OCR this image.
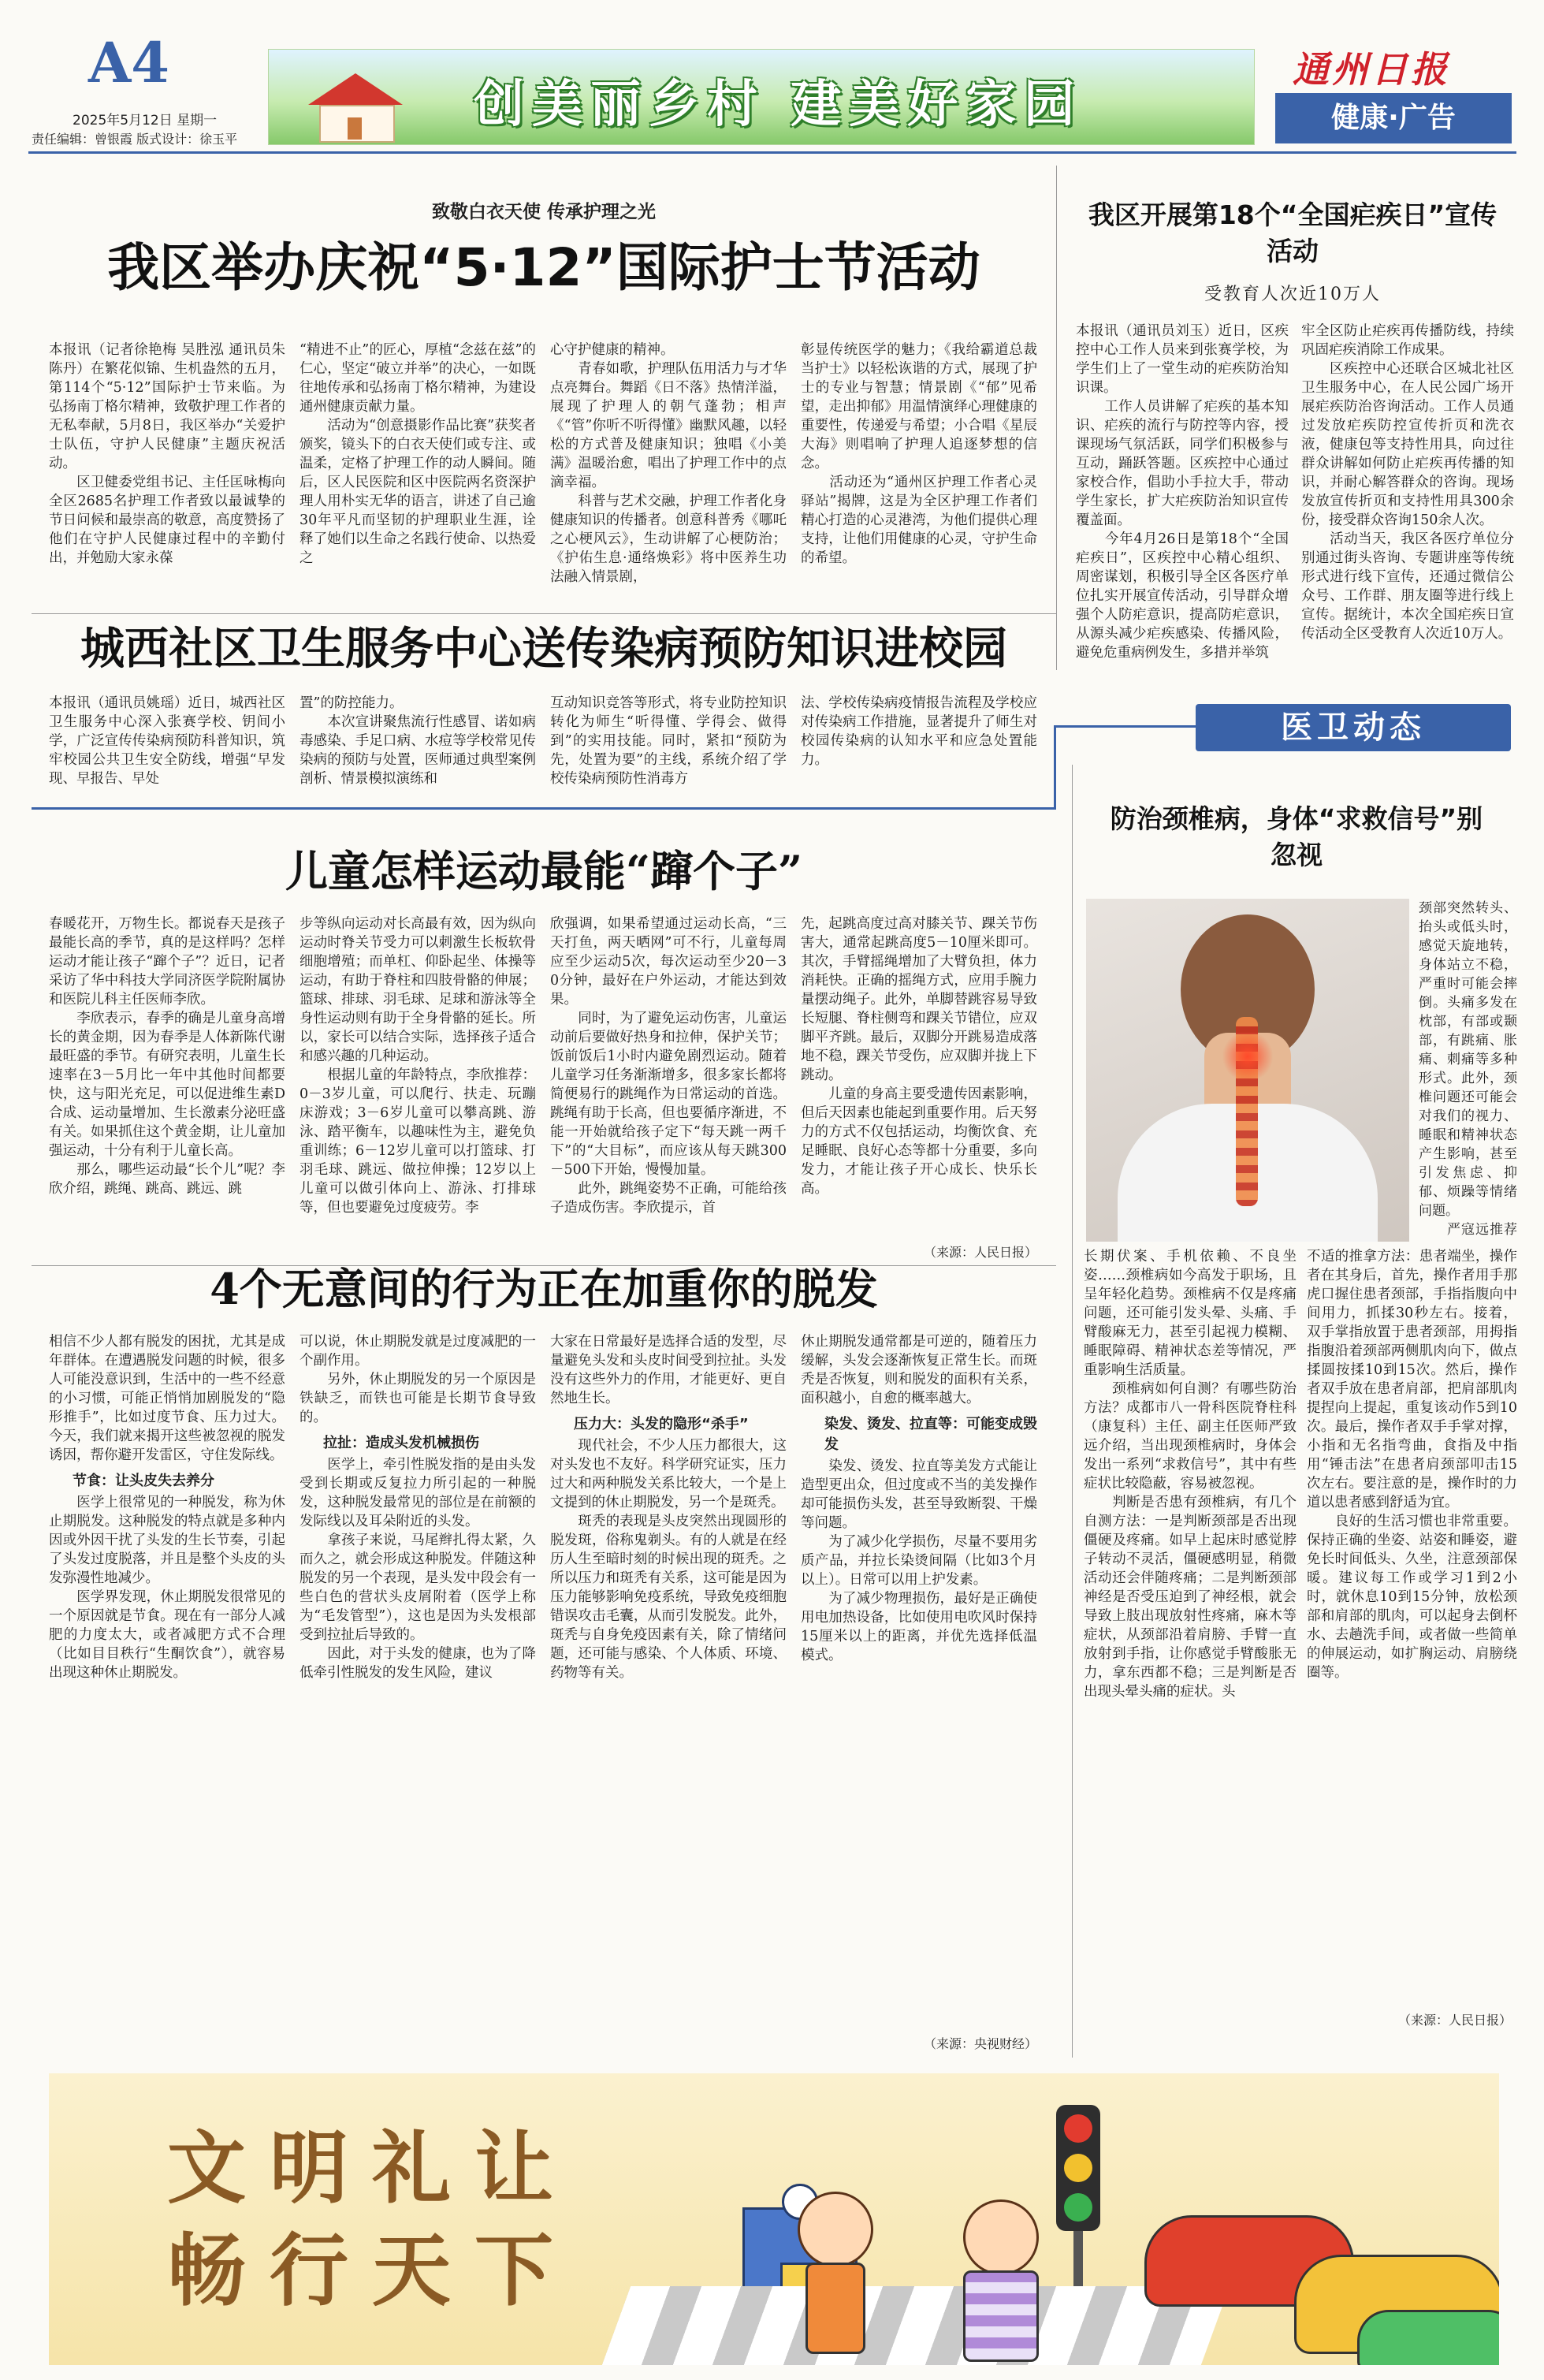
A4
2025年5月12日 星期一
责任编辑：曾银霞 版式设计：徐玉平
创美丽乡村 建美好家园
通州日报
健康·广告
致敬白衣天使 传承护理之光
我区举办庆祝“5·12”国际护士节活动
本报讯（记者徐艳梅 吴胜泓 通讯员朱陈丹）在繁花似锦、生机盎然的五月，第114个“5·12”国际护士节来临。为弘扬南丁格尔精神，致敬护理工作者的无私奉献，5月8日，我区举办“关爱护士队伍，守护人民健康”主题庆祝活动。
　　区卫健委党组书记、主任匡咏梅向全区2685名护理工作者致以最诚挚的节日问候和最崇高的敬意，高度赞扬了他们在守护人民健康过程中的辛勤付出，并勉励大家永葆
“精进不止”的匠心，厚植“念兹在兹”的仁心，坚定“破立并举”的决心，一如既往地传承和弘扬南丁格尔精神，为建设通州健康贡献力量。
　　活动为“创意摄影作品比赛”获奖者颁奖，镜头下的白衣天使们或专注、或温柔，定格了护理工作的动人瞬间。随后，区人民医院和区中医院两名资深护理人用朴实无华的语言，讲述了自己逾30年平凡而坚韧的护理职业生涯，诠释了她们以生命之名践行使命、以热爱之
心守护健康的精神。
　　青春如歌，护理队伍用活力与才华点亮舞台。舞蹈《日不落》热情洋溢，展现了护理人的朝气蓬勃；相声《“管”你听不听得懂》幽默风趣，以轻松的方式普及健康知识；独唱《小美满》温暖治愈，唱出了护理工作中的点滴幸福。
　　科普与艺术交融，护理工作者化身健康知识的传播者。创意科普秀《哪吒之心梗风云》，生动讲解了心梗防治；《护佑生息·通络焕彩》将中医养生功法融入情景剧，
彰显传统医学的魅力；《我给霸道总裁当护士》以轻松诙谐的方式，展现了护士的专业与智慧；情景剧《“郁”见希望，走出抑郁》用温情演绎心理健康的重要性，传递爱与希望；小合唱《星辰大海》则唱响了护理人追逐梦想的信念。
　　活动还为“通州区护理工作者心灵驿站”揭牌，这是为全区护理工作者们精心打造的心灵港湾，为他们提供心理支持，让他们用健康的心灵，守护生命的希望。
我区开展第18个“全国疟疾日”宣传活动
受教育人次近10万人
本报讯（通讯员刘玉）近日，区疾控中心工作人员来到张赛学校，为学生们上了一堂生动的疟疾防治知识课。
　　工作人员讲解了疟疾的基本知识、疟疾的流行与防控等内容，授课现场气氛活跃，同学们积极参与互动，踊跃答题。区疾控中心通过家校合作，倡助小手拉大手，带动学生家长，扩大疟疾防治知识宣传覆盖面。
　　今年4月26日是第18个“全国疟疾日”，区疾控中心精心组织、周密谋划，积极引导全区各医疗单位扎实开展宣传活动，引导群众增强个人防疟意识，提高防疟意识，从源头减少疟疾感染、传播风险，避免危重病例发生，多措并举筑
牢全区防止疟疾再传播防线，持续巩固疟疾消除工作成果。
　　区疾控中心还联合区城北社区卫生服务中心，在人民公园广场开展疟疾防治咨询活动。工作人员通过发放疟疾防控宣传折页和洗衣液，健康包等支持性用具，向过往群众讲解如何防止疟疾再传播的知识，并耐心解答群众的咨询。现场发放宣传折页和支持性用具300余份，接受群众咨询150余人次。
　　活动当天，我区各医疗单位分别通过街头咨询、专题讲座等传统形式进行线下宣传，还通过微信公众号、工作群、朋友圈等进行线上宣传。据统计，本次全国疟疾日宣传活动全区受教育人次近10万人。
城西社区卫生服务中心送传染病预防知识进校园
本报讯（通讯员姚瑶）近日，城西社区卫生服务中心深入张赛学校、钥间小学，广泛宣传传染病预防科普知识，筑牢校园公共卫生安全防线，增强“早发现、早报告、早处
置”的防控能力。
　　本次宣讲聚焦流行性感冒、诺如病毒感染、手足口病、水痘等学校常见传染病的预防与处置，医师通过典型案例剖析、情景模拟演练和
互动知识竞答等形式，将专业防控知识转化为师生“听得懂、学得会、做得到”的实用技能。同时，紧扣“预防为先，处置为要”的主线，系统介绍了学校传染病预防性消毒方
法、学校传染病疫情报告流程及学校应对传染病工作措施，显著提升了师生对校园传染病的认知水平和应急处置能力。
医卫动态
儿童怎样运动最能“蹿个子”
春暖花开，万物生长。都说春天是孩子最能长高的季节，真的是这样吗？怎样运动才能让孩子“蹿个子”？近日，记者采访了华中科技大学同济医学院附属协和医院儿科主任医师李欣。
　　李欣表示，春季的确是儿童身高增长的黄金期，因为春季是人体新陈代谢最旺盛的季节。有研究表明，儿童生长速率在3－5月比一年中其他时间都要快，这与阳光充足，可以促进维生素D合成、运动量增加、生长激素分泌旺盛有关。如果抓住这个黄金期，让儿童加强运动，十分有利于儿童长高。
　　那么，哪些运动最“长个儿”呢？李欣介绍，跳绳、跳高、跳远、跳
步等纵向运动对长高最有效，因为纵向运动时脊关节受力可以刺激生长板软骨细胞增殖；而单杠、仰卧起坐、体操等运动，有助于脊柱和四肢骨骼的伸展；篮球、排球、羽毛球、足球和游泳等全身性运动则有助于全身骨骼的延长。所以，家长可以结合实际，选择孩子适合和感兴趣的几种运动。
　　根据儿童的年龄特点，李欣推荐：0－3岁儿童，可以爬行、扶走、玩蹦床游戏；3－6岁儿童可以攀高跳、游泳、踏平衡车，以趣味性为主，避免负重训练；6－12岁儿童可以打篮球、打羽毛球、跳远、做拉伸操；12岁以上儿童可以做引体向上、游泳、打排球等，但也要避免过度疲劳。李
欣强调，如果希望通过运动长高，“三天打鱼，两天晒网”可不行，儿童每周应至少运动5次，每次运动至少20－30分钟，最好在户外运动，才能达到效果。
　　同时，为了避免运动伤害，儿童运动前后要做好热身和拉伸，保护关节；饭前饭后1小时内避免剧烈运动。随着儿童学习任务渐渐增多，很多家长都将简便易行的跳绳作为日常运动的首选。跳绳有助于长高，但也要循序渐进，不能一开始就给孩子定下“每天跳一两千下”的“大目标”，而应该从每天跳300－500下开始，慢慢加量。
　　此外，跳绳姿势不正确，可能给孩子造成伤害。李欣提示，首
先，起跳高度过高对膝关节、踝关节伤害大，通常起跳高度5－10厘米即可。其次，手臂摇绳增加了大臂负担，体力消耗快。正确的摇绳方式，应用手腕力量摆动绳子。此外，单脚替跳容易导致长短腿、脊柱侧弯和踝关节错位，应双脚平齐跳。最后，双脚分开跳易造成落地不稳，踝关节受伤，应双脚并拢上下跳动。
　　儿童的身高主要受遗传因素影响，但后天因素也能起到重要作用。后天努力的方式不仅包括运动，均衡饮食、充足睡眠、良好心态等都十分重要，多向发力，才能让孩子开心成长、快乐长高。
（来源：人民日报）
防治颈椎病，身体“求救信号”别忽视
颈部突然转头、抬头或低头时，感觉天旋地转，身体站立不稳，严重时可能会摔倒。头痛多发在枕部，有部或颞部，有跳痛、胀痛、刺痛等多种形式。此外，颈椎问题还可能会对我们的视力、睡眠和精神状态产生影响，甚至引发焦虑、抑郁、烦躁等情绪问题。
　　严寇远推荐
长期伏案、手机依赖、不良坐姿……颈椎病如今高发于职场，且呈年轻化趋势。颈椎病不仅是疼痛问题，还可能引发头晕、头痛、手臂酸麻无力，甚至引起视力模糊、睡眠障碍、精神状态差等情况，严重影响生活质量。
　　颈椎病如何自测？有哪些防治方法？成都市八一骨科医院脊柱科（康复科）主任、副主任医师严致远介绍，当出现颈椎病时，身体会发出一系列“求救信号”，其中有些症状比较隐蔽，容易被忽视。
　　判断是否患有颈椎病，有几个自测方法：一是判断颈部是否出现僵硬及疼痛。如早上起床时感觉脖子转动不灵活，僵硬感明显，稍微活动还会伴随疼痛；二是判断颈部神经是否受压迫到了神经根，就会导致上肢出现放射性疼痛，麻木等症状，从颈部沿着肩膀、手臂一直放射到手指，让你感觉手臂酸胀无力，拿东西都不稳；三是判断是否出现头晕头痛的症状。头
不适的推拿方法：患者端坐，操作者在其身后，首先，操作者用手那虎口握住患者颈部，手指指腹向中间用力，抓揉30秒左右。接着，双手掌指放置于患者颈部，用拇指指腹沿着颈部两侧肌肉向下，做点揉圆按揉10到15次。然后，操作者双手放在患者肩部，把肩部肌肉提捏向上提起，重复该动作5到10次。最后，操作者双手手掌对撑，小指和无名指弯曲，食指及中指用“锤击法”在患者肩颈部叩击15次左右。要注意的是，操作时的力道以患者感到舒适为宜。
　　良好的生活习惯也非常重要。保持正确的坐姿、站姿和睡姿，避免长时间低头、久坐，注意颈部保暖。建议每工作或学习1到2小时，就休息10到15分钟，放松颈部和肩部的肌肉，可以起身去倒杯水、去趟洗手间，或者做一些简单的伸展运动，如扩胸运动、肩膀绕圈等。
（来源：人民日报）
4个无意间的行为正在加重你的脱发
相信不少人都有脱发的困扰，尤其是成年群体。在遭遇脱发问题的时候，很多人可能没意识到，生活中的一些不经意的小习惯，可能正悄悄加剧脱发的“隐形推手”，比如过度节食、压力过大。今天，我们就来揭开这些被忽视的脱发诱因，帮你避开发雷区，守住发际线。
节食：让头皮失去养分
　　医学上很常见的一种脱发，称为休止期脱发。这种脱发的特点就是多种内因或外因干扰了头发的生长节奏，引起了头发过度脱落，并且是整个头皮的头发弥漫性地减少。
　　医学界发现，休止期脱发很常见的一个原因就是节食。现在有一部分人减肥的力度太大，或者减肥方式不合理（比如目目秩行“生酮饮食”），就容易出现这种休止期脱发。
可以说，休止期脱发就是过度减肥的一个副作用。
　　另外，休止期脱发的另一个原因是铁缺乏，而铁也可能是长期节食导致的。
拉扯：造成头发机械损伤
　　医学上，牵引性脱发指的是由头发受到长期或反复拉力所引起的一种脱发，这种脱发最常见的部位是在前额的发际线以及耳朵附近的头发。
　　拿孩子来说，马尾辫扎得太紧，久而久之，就会形成这种脱发。伴随这种脱发的另一个表现，是头发中段会有一些白色的营状头皮屑附着（医学上称为“毛发管型”），这也是因为头发根部受到拉扯后导致的。
　　因此，对于头发的健康，也为了降低牵引性脱发的发生风险，建议
大家在日常最好是选择合适的发型，尽量避免头发和头皮时间受到拉扯。头发没有这些外力的作用，才能更好、更自然地生长。
压力大：头发的隐形“杀手”
　　现代社会，不少人压力都很大，这对头发也不友好。科学研究证实，压力过大和两种脱发关系比较大，一个是上文提到的休止期脱发，另一个是斑秃。
　　斑秃的表现是头皮突然出现圆形的脱发斑，俗称鬼剃头。有的人就是在经历人生至暗时刻的时候出现的斑秃。之所以压力和斑秃有关系，这可能是因为压力能够影响免疫系统，导致免疫细胞错误攻击毛囊，从而引发脱发。此外，斑秃与自身免疫因素有关，除了情绪问题，还可能与感染、个人体质、环境、药物等有关。
休止期脱发通常都是可逆的，随着压力缓解，头发会逐渐恢复正常生长。而斑秃是否恢复，则和脱发的面积有关系，面积越小，自愈的概率越大。
染发、烫发、拉直等：可能变成毁发
　　染发、烫发、拉直等美发方式能让造型更出众，但过度或不当的美发操作却可能损伤头发，甚至导致断裂、干燥等问题。
　　为了减少化学损伤，尽量不要用劣质产品，并拉长染烫间隔（比如3个月以上）。日常可以用上护发素。
　　为了减少物理损伤，最好是正确使用电加热设备，比如使用电吹风时保持15厘米以上的距离，并优先选择低温模式。
（来源：央视财经）
文明礼让
畅行天下
